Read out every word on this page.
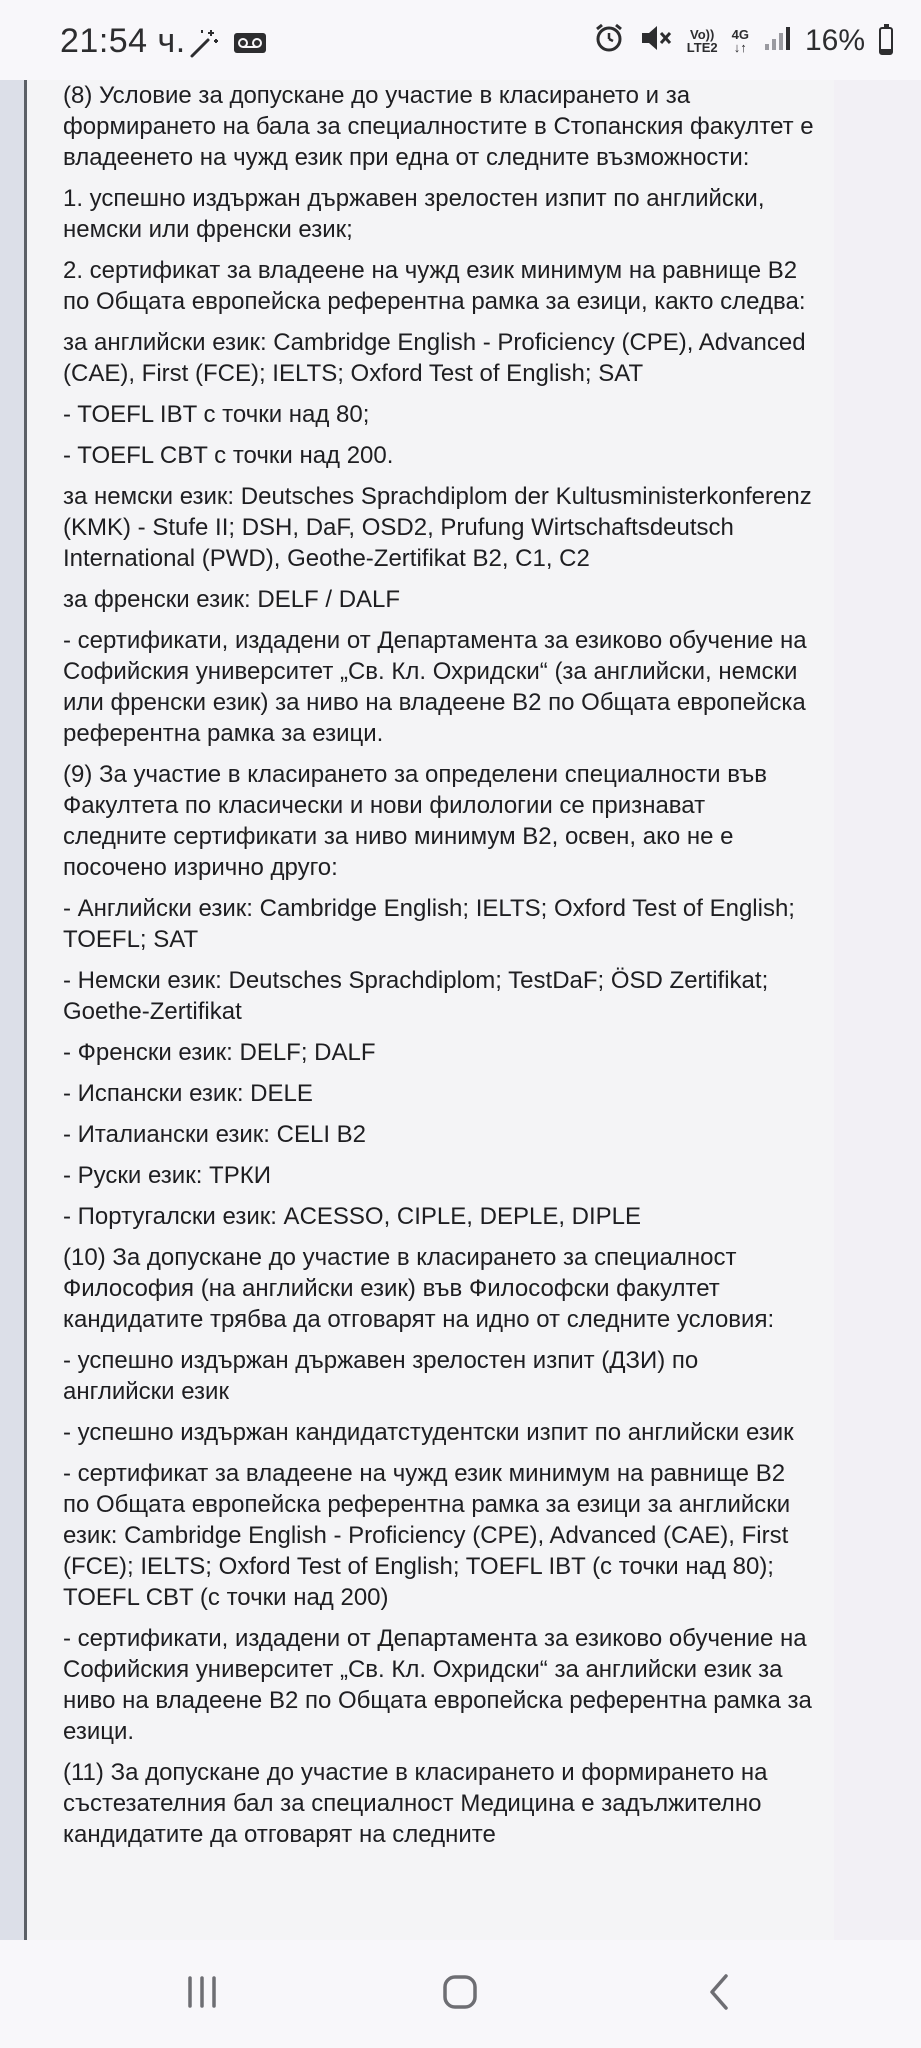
21:54 ч.	Vo))
LTE2
4G
↓↑ 16%

(8) Условие за допускане до участие в класирането и за формирането на бала за специалностите в Стопанския факултет е владеенето на чужд език при една от следните възможности:

1. успешно издържан държавен зрелостен изпит по английски, немски или френски език;

2. сертификат за владеене на чужд език минимум на равнище В2 по Общата европейска референтна рамка за езици, както следва:

за английски език: Cambridge English - Proficiency (CPE), Advanced (CAE), First (FCE); IELTS; Oxford Test of English; SAT

- TOEFL IBT с точки над 80;

- TOEFL CBT с точки над 200.

за немски език: Deutsches Sprachdiplom der Kultusministerkonferenz (KMK) - Stufe II; DSH, DaF, OSD2, Prufung Wirtschaftsdeutsch International (PWD), Geothe-Zertifikat B2, C1, C2

за френски език: DELF / DALF

- сертификати, издадени от Департамента за езиково обучение на Софийския университет „Св. Кл. Охридски“ (за английски, немски или френски език) за ниво на владеене В2 по Общата европейска референтна рамка за езици.

(9) За участие в класирането за определени специалности във Факултета по класически и нови филологии се признават следните сертификати за ниво минимум B2, освен, ако не е посочено изрично друго:

- Английски език: Cambridge English; IELTS; Oxford Test of English; TOEFL; SAT

- Немски език: Deutsches Sprachdiplom; TestDaF; ÖSD Zertifikat; Goethe-Zertifikat

- Френски език: DELF; DALF

- Испански език: DELE

- Италиански език: CELI B2

- Руски език: ТРКИ

- Португалски език: ACESSO, CIPLE, DEPLE, DIPLE

(10) За допускане до участие в класирането за специалност Философия (на английски език) във Философски факултет кандидатите трябва да отговарят на идно от следните условия:

- успешно издържан държавен зрелостен изпит (ДЗИ) по английски език

- успешно издържан кандидатстудентски изпит по английски език

- сертификат за владеене на чужд език минимум на равнище В2 по Общата европейска референтна рамка за езици за английски език: Cambridge English - Proficiency (CPE), Advanced (CAE), First (FCE); IELTS; Oxford Test of English; TOEFL IBT (с точки над 80); TOEFL CBT (с точки над 200)

- сертификати, издадени от Департамента за езиково обучение на Софийския университет „Св. Кл. Охридски“ за английски език за ниво на владеене В2 по Общата европейска референтна рамка за езици.

(11) За допускане до участие в класирането и формирането на състезателния бал за специалност Медицина е задължително кандидатите да отговарят на следните
